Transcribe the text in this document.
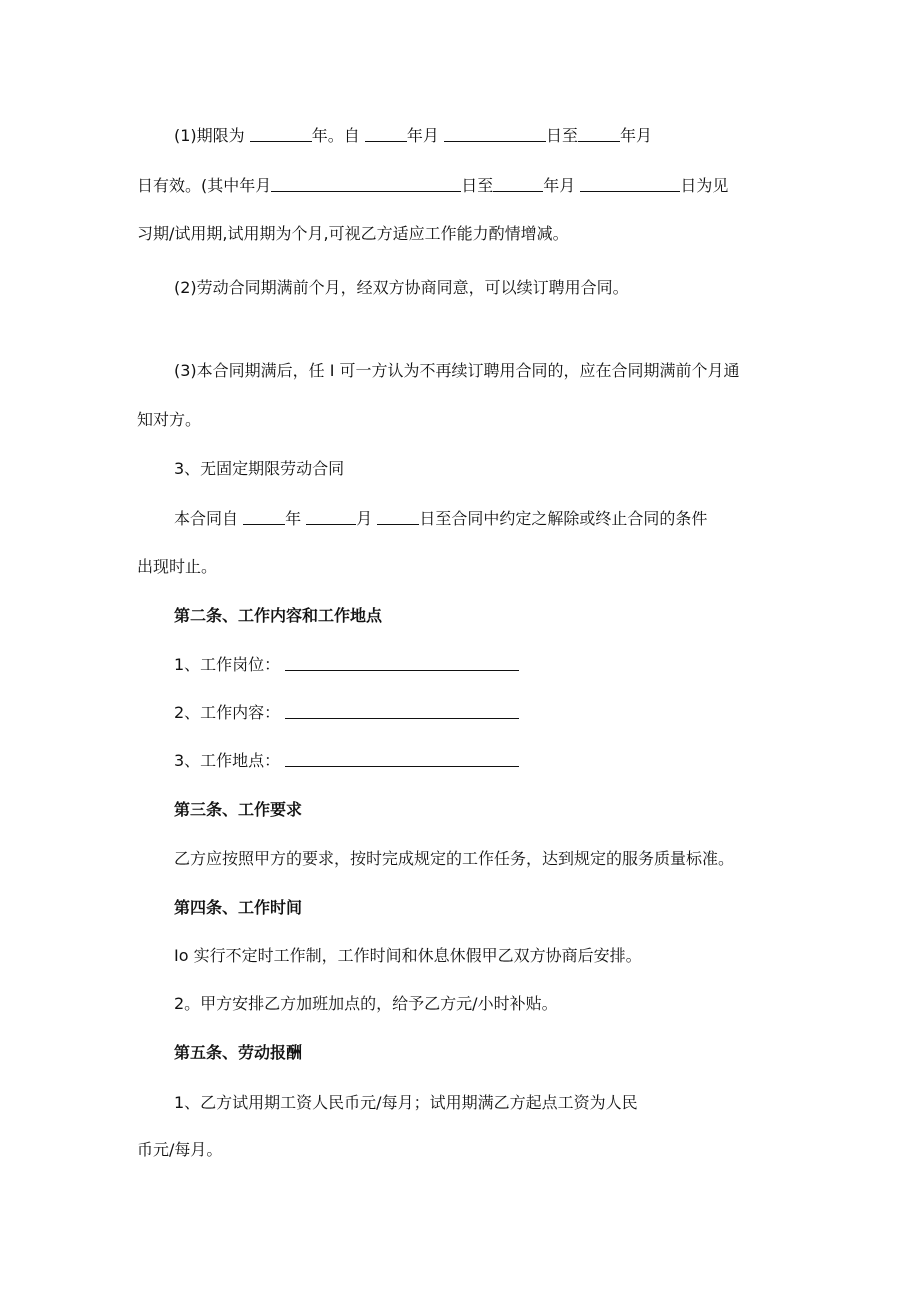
(1)期限为	年。自	年月	日至	年月
日有效。(其中年月	日至	年月	日为见
习期/试用期,试用期为个月,可视乙方适应工作能力酌情增减。
(2)劳动合同期满前个月，经双方协商同意，可以续订聘用合同。
(3)本合同期满后，任 I 可一方认为不再续订聘用合同的，应在合同期满前个月通
知对方。
3、无固定期限劳动合同
本合同自	年	月	日至合同中约定之解除或终止合同的条件
出现时止。
第二条、工作内容和工作地点
1、工作岗位：
2、工作内容：
3、工作地点：
第三条、工作要求
乙方应按照甲方的要求，按时完成规定的工作任务，达到规定的服务质量标准。
第四条、工作时间
Io 实行不定时工作制，工作时间和休息休假甲乙双方协商后安排。
2。甲方安排乙方加班加点的，给予乙方元/小时补贴。
第五条、劳动报酬
1、乙方试用期工资人民币元/每月；试用期满乙方起点工资为人民
币元/每月。
